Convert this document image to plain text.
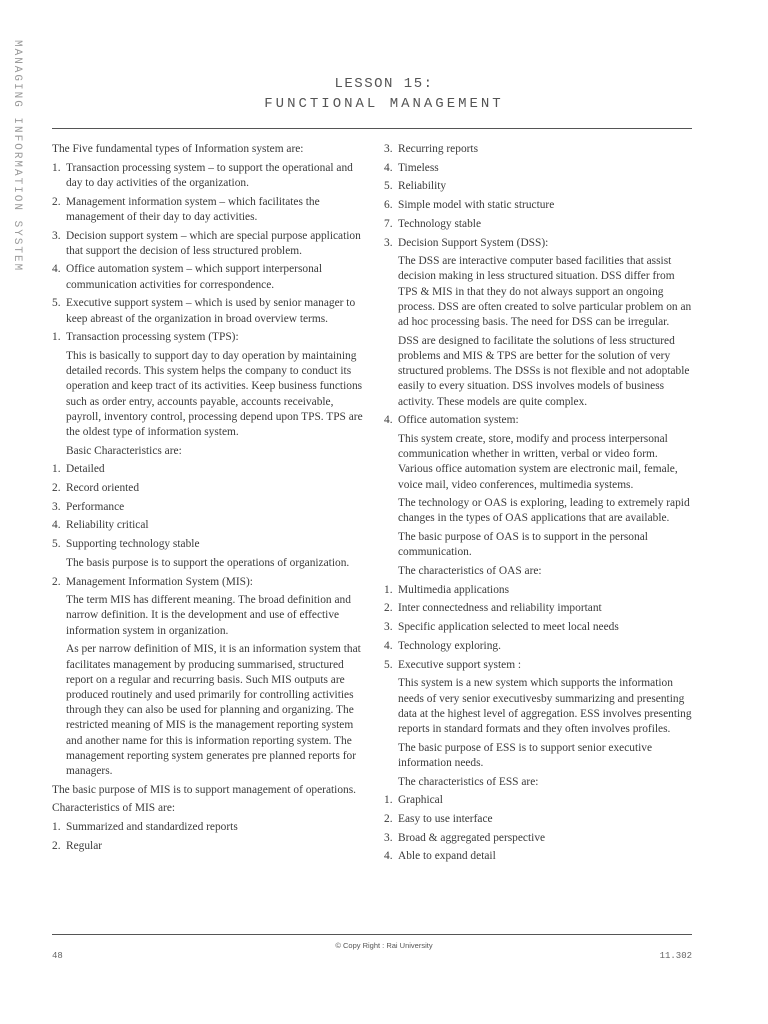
MANAGING INFORMATION SYSTEM	LESSON 15:
FUNCTIONAL MANAGEMENT

The Five fundamental types of Information system are:

1. Transaction processing system – to support the operational and day to day activities of the organization.
2. Management information system – which facilitates the management of their day to day activities.
3. Decision support system – which are special purpose application that support the decision of less structured problem.
4. Office automation system – which support interpersonal communication activities for correspondence.
5. Executive support system – which is used by senior manager to keep abreast of the organization in broad overview terms.
1. Transaction processing system (TPS):

This is basically to support day to day operation by maintaining detailed records. This system helps the company to conduct its operation and keep tract of its activities. Keep business functions such as order entry, accounts payable, accounts receivable, payroll, inventory control, processing depend upon TPS. TPS are the oldest type of information system.

Basic Characteristics are:

1. Detailed
2. Record oriented
3. Performance
4. Reliability critical
5. Supporting technology stable

The basis purpose is to support the operations of organization.

2. Management Information System (MIS):

The term MIS has different meaning. The broad definition and narrow definition. It is the development and use of effective information system in organization.

As per narrow definition of MIS, it is an information system that facilitates management by producing summarised, structured report on a regular and recurring basis. Such MIS outputs are produced routinely and used primarily for controlling activities through they can also be used for planning and organizing. The restricted meaning of MIS is the management reporting system and another name for this is information reporting system. The management reporting system generates pre planned reports for managers.

The basic purpose of MIS is to support management of operations.

Characteristics of MIS are:

1. Summarized and standardized reports
2. Regular
3. Recurring reports
4. Timeless
5. Reliability
6. Simple model with static structure
7. Technology stable
3. Decision Support System (DSS):

The DSS are interactive computer based facilities that assist decision making in less structured situation. DSS differ from TPS & MIS in that they do not always support an ongoing process. DSS are often created to solve particular problem on an ad hoc processing basis. The need for DSS can be irregular.

DSS are designed to facilitate the solutions of less structured problems and MIS & TPS are better for the solution of very structured problems. The DSSs is not flexible and not adoptable easily to every situation. DSS involves models of business activity. These models are quite complex.

4. Office automation system:

This system create, store, modify and process interpersonal communication whether in written, verbal or video form. Various office automation system are electronic mail, female, voice mail, video conferences, multimedia systems.

The technology or OAS is exploring, leading to extremely rapid changes in the types of OAS applications that are available.

The basic purpose of OAS is to support in the personal communication.

The characteristics of OAS are:

1. Multimedia applications
2. Inter connectedness and reliability important
3. Specific application selected to meet local needs
4. Technology exploring.
5. Executive support system :

This system is a new system which supports the information needs of very senior executivesby summarizing and presenting data at the highest level of aggregation. ESS involves presenting reports in standard formats and they often involves profiles.

The basic purpose of ESS is to support senior executive information needs.

The characteristics of ESS are:

1. Graphical
2. Easy to use interface
3. Broad & aggregated perspective
4. Able to expand detail
© Copy Right : Rai University
48	11.302
